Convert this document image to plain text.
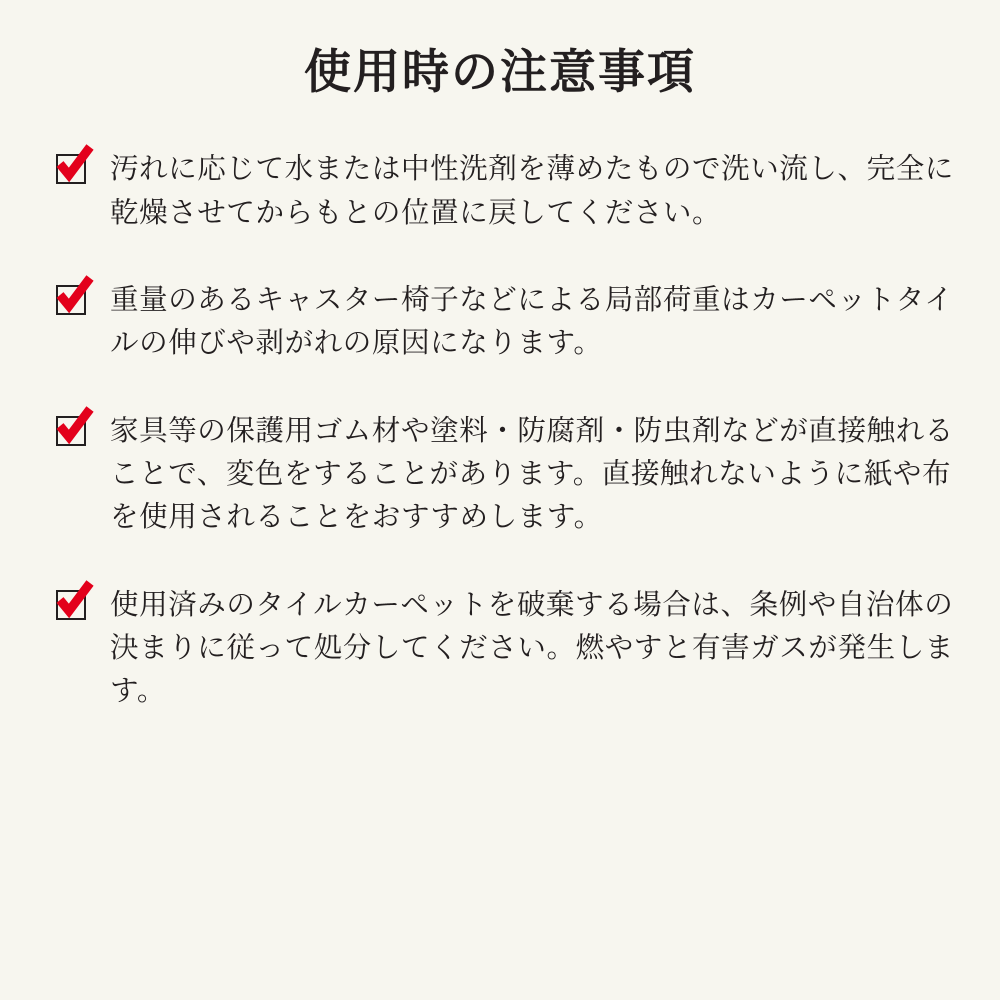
使用時の注意事項
汚れに応じて水または中性洗剤を薄めたもので洗い流し、完全に乾燥させてからもとの位置に戻してください。
重量のあるキャスター椅子などによる局部荷重はカーペットタイルの伸びや剥がれの原因になります。
家具等の保護用ゴム材や塗料・防腐剤・防虫剤などが直接触れることで、変色をすることがあります。直接触れないように紙や布を使用されることをおすすめします。
使用済みのタイルカーペットを破棄する場合は、条例や自治体の決まりに従って処分してください。燃やすと有害ガスが発生します。
